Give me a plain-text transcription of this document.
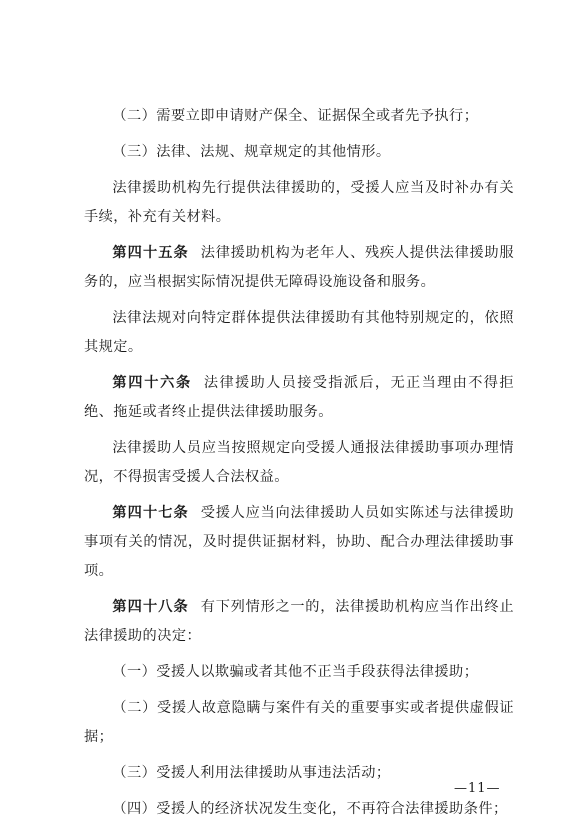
（二）需要立即申请财产保全、证据保全或者先予执行；

（三）法律、法规、规章规定的其他情形。

法律援助机构先行提供法律援助的，受援人应当及时补办有关手续，补充有关材料。

第四十五条 法律援助机构为老年人、残疾人提供法律援助服务的，应当根据实际情况提供无障碍设施设备和服务。

法律法规对向特定群体提供法律援助有其他特别规定的，依照其规定。

第四十六条 法律援助人员接受指派后，无正当理由不得拒绝、拖延或者终止提供法律援助服务。

法律援助人员应当按照规定向受援人通报法律援助事项办理情况，不得损害受援人合法权益。

第四十七条 受援人应当向法律援助人员如实陈述与法律援助事项有关的情况，及时提供证据材料，协助、配合办理法律援助事项。

第四十八条 有下列情形之一的，法律援助机构应当作出终止法律援助的决定：

（一）受援人以欺骗或者其他不正当手段获得法律援助；

（二）受援人故意隐瞒与案件有关的重要事实或者提供虚假证据；

（三）受援人利用法律援助从事违法活动；

（四）受援人的经济状况发生变化，不再符合法律援助条件；

—11—
